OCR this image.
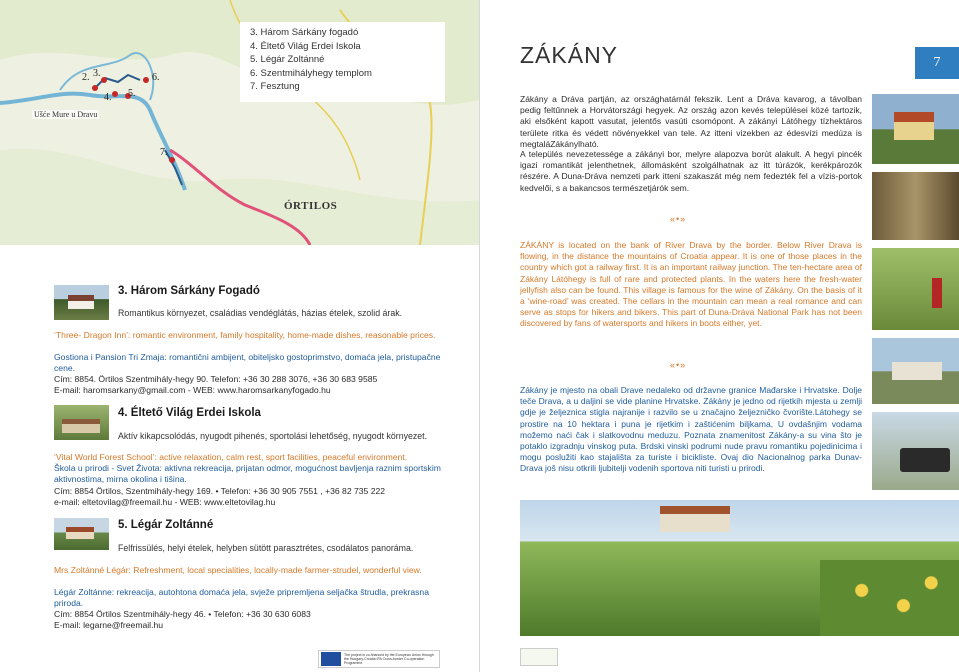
3. Három Sárkány fogadó
4. Éltető Világ Erdei Iskola
5. Légár Zoltánné
6. Szentmihályhegy templom
7. Fesztung
2. 3.
4. 5.
6.
7.
Ušće Mure u Dravu
ÓRTILOS
3. Három Sárkány Fogadó
Romantikus környezet, családias vendéglátás, házias ételek, szolid árak.
‘Three- Dragon Inn’: romantic environment, family hospitality, home-made dishes, reasonable prices.
Gostiona i Pansion Tri Zmaja: romantični ambijent, obiteljsko gostoprimstvo, domaća jela, pristupačne cene.
Cím: 8854. Örtilos Szentmihály-hegy 90. Telefon: +36 30 288 3076, +36 30 683 9585
E-mail: haromsarkany@gmail.com - WEB: www.haromsarkanyfogado.hu
4. Éltető Világ Erdei Iskola
Aktív kikapcsolódás, nyugodt pihenés, sportolási lehetőség, nyugodt környezet.
‘Vital World Forest School’: active relaxation, calm rest, sport facilities, peaceful environment.
Škola u prirodi - Svet Života: aktivna rekreacija, prijatan odmor, mogućnost bavljenja raznim sportskim aktivnostima, mirna okolina i tišina.
Cím: 8854 Örtilos, Szentmihály-hegy 169. • Telefon: +36 30 905 7551 , +36 82 735 222
e-mail: eltetovilag@freemail.hu - WEB: www.eltetovilag.hu
5. Légár Zoltánné
Felfrissülés, helyi ételek, helyben sütött parasztrétes, csodálatos panoráma.
Mrs Zoltánné Légár: Refreshment, local specialities, locally-made farmer-strudel, wonderful view.
Légár Zoltánne: rekreacija, autohtona domaća jela, svježe pripremljena seljačka štrudla, prekrasna priroda.
Cím: 8854 Örtilos Szentmihály-hegy 46. • Telefon: +36 30 630 6083
E-mail: legarne@freemail.hu
The project is co-financed by the European Union through the Hungary-Croatia IPA Cross-border Co-operation Programme
ZÁKÁNY	7
Zákány a Dráva partján, az országhatárnál fekszik. Lent a Dráva kavarog, a távolban pedig feltűnnek a Horvátországi hegyek. Az ország azon kevés települései közé tartozik, aki elsőként kapott vasutat, jelentős vasúti csomópont. A zákányi Látóhegy tízhektáros területe ritka és védett növényekkel van tele. Az itteni vizekben az édesvízi medúza is megtaláZákánylható.
A település nevezetessége a zákányi bor, melyre alapozva borút alakult. A hegyi pincék igazi romantikát jelenthetnek, állomásként szolgálhatnak az itt túrázók, kerékpározók részére. A Duna-Dráva nemzeti park itteni szakaszát még nem fedezték fel a vízis-portok kedvelői, s a bakancsos természetjárók sem.
«•»
ZÁKÁNY is located on the bank of River Drava by the border. Below River Drava is flowing, in the distance the mountains of Croatia appear. It is one of those places in the country which got a railway first. It is an important railway junction. The ten-hectare area of Zákány Látóhegy is full of rare and protected plants. In the waters here the fresh-water jellyfish also can be found. This village is famous for the wine of Zákány. On the basis of it a ‘wine-road’ was created. The cellars in the mountain can mean a real romance and can serve as stops for hikers and bikers. This part of Duna-Dráva National Park has not been discovered by fans of watersports and hikers in boots either, yet.
«•»
Zákány je mjesto na obali Drave nedaleko od državne granice Mađarske i Hrvatske. Dolje teče Drava, a u daljini se vide planine Hrvatske. Zákány je jedno od rijetkih mjesta u zemlji gdje je željeznica stigla najranije i razvilo se u značajno željezničko čvorište.Látohegy se prostire na 10 hektara i puna je rijetkim i zaštićenim biljkama, U ovdašnjim vodama možemo naći čak i slatkovodnu meduzu. Poznata znamenitost Zákány-a su vina što je potaklo izgradnju vinskog puta. Brdski vinski podrumi nude pravu romantiku pojedinicima i mogu poslužiti kao stajališta za turiste i bicikliste. Ovaj dio Nacionalnog parka Dunav-Drava još nisu otkrili ljubitelji vodenih sportova niti turisti u prirodi.
